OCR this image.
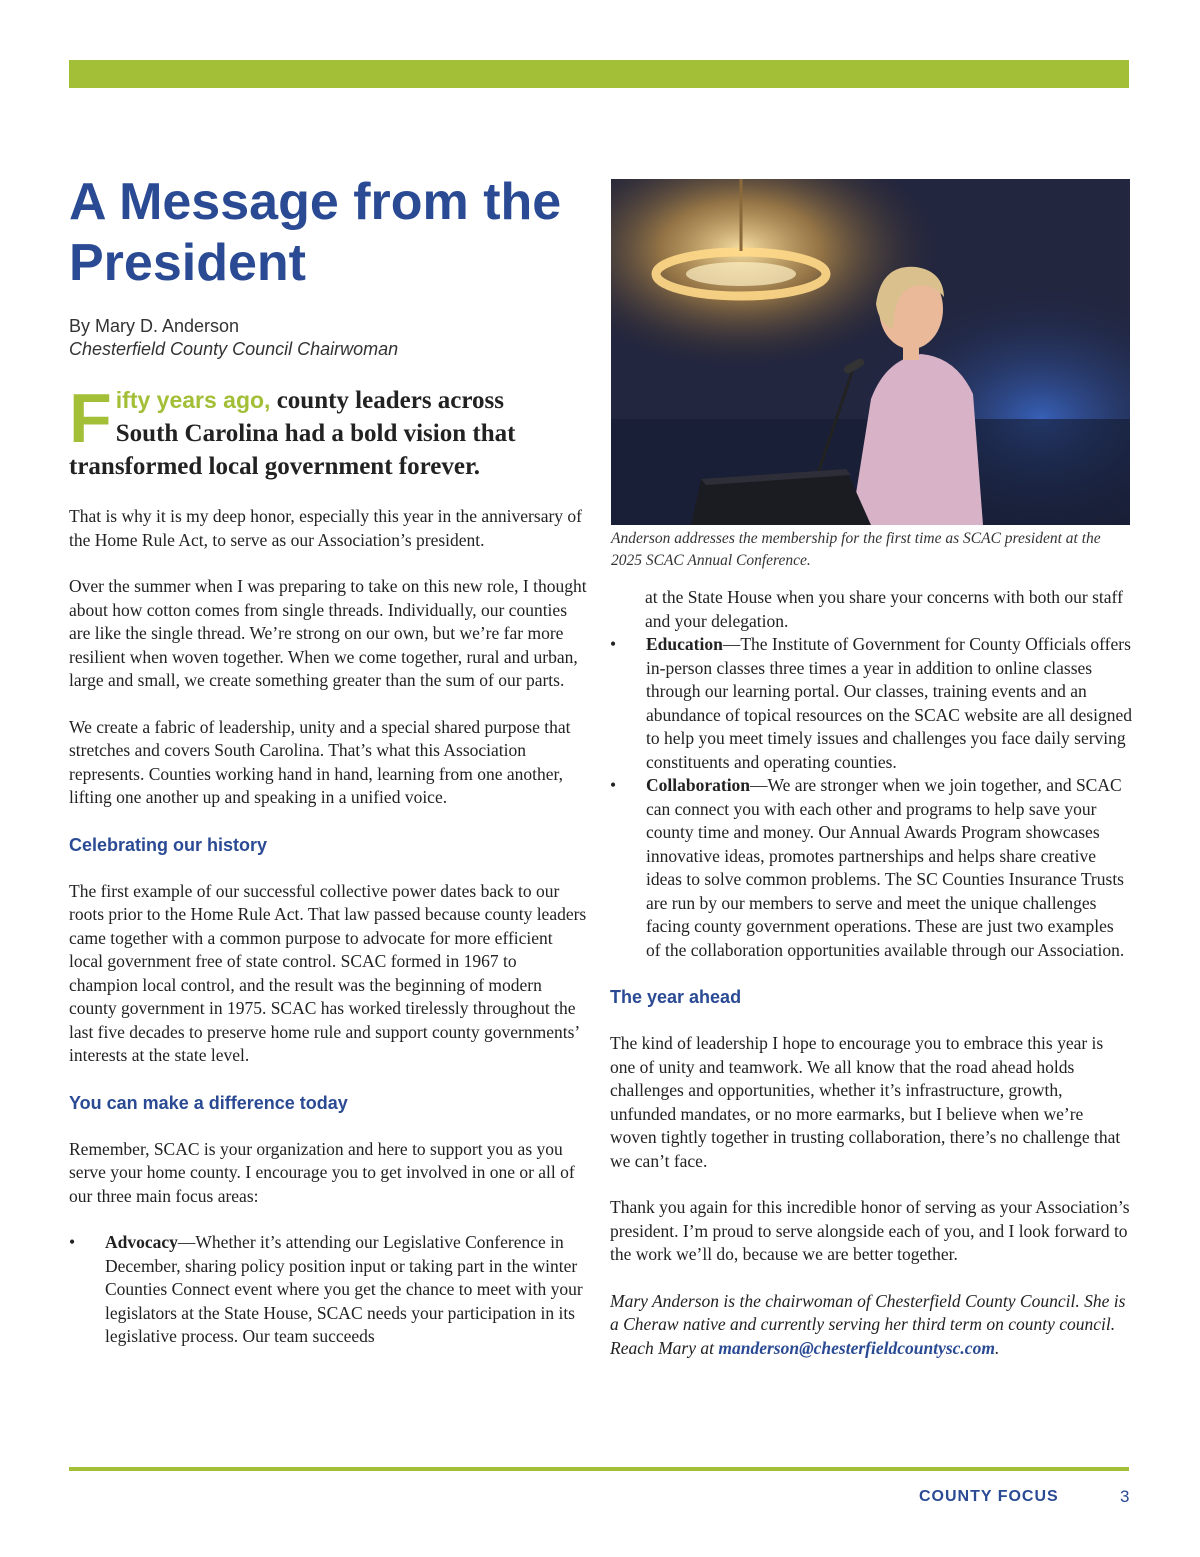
A Message from the President
By Mary D. Anderson
Chesterfield County Council Chairwoman
Fifty years ago, county leaders across South Carolina had a bold vision that transformed local government forever.

That is why it is my deep honor, especially this year in the anniversary of the Home Rule Act, to serve as our Association’s president.

Over the summer when I was preparing to take on this new role, I thought about how cotton comes from single threads. Individually, our counties are like the single thread. We’re strong on our own, but we’re far more resilient when woven together. When we come together, rural and urban, large and small, we create something greater than the sum of our parts.

We create a fabric of leadership, unity and a special shared purpose that stretches and covers South Carolina. That’s what this Association represents. Counties working hand in hand, learning from one another, lifting one another up and speaking in a unified voice.

Celebrating our history

The first example of our successful collective power dates back to our roots prior to the Home Rule Act. That law passed because county leaders came together with a common purpose to advocate for more efficient local government free of state control. SCAC formed in 1967 to champion local control, and the result was the beginning of modern county government in 1975. SCAC has worked tirelessly throughout the last five decades to preserve home rule and support county governments’ interests at the state level.

You can make a difference today

Remember, SCAC is your organization and here to support you as you serve your home county. I encourage you to get involved in one or all of our three main focus areas:

• Advocacy—Whether it’s attending our Legislative Conference in December, sharing policy position input or taking part in the winter Counties Connect event where you get the chance to meet with your legislators at the State House, SCAC needs your participation in its legislative process. Our team succeeds
Anderson addresses the membership for the first time as SCAC president at the 2025 SCAC Annual Conference.
at the State House when you share your concerns with both our staff and your delegation.
• Education—The Institute of Government for County Officials offers in-person classes three times a year in addition to online classes through our learning portal. Our classes, training events and an abundance of topical resources on the SCAC website are all designed to help you meet timely issues and challenges you face daily serving constituents and operating counties.
• Collaboration—We are stronger when we join together, and SCAC can connect you with each other and programs to help save your county time and money. Our Annual Awards Program showcases innovative ideas, promotes partnerships and helps share creative ideas to solve common problems. The SC Counties Insurance Trusts are run by our members to serve and meet the unique challenges facing county government operations. These are just two examples of the collaboration opportunities available through our Association.
The year ahead

The kind of leadership I hope to encourage you to embrace this year is one of unity and teamwork. We all know that the road ahead holds challenges and opportunities, whether it’s infrastructure, growth, unfunded mandates, or no more earmarks, but I believe when we’re woven tightly together in trusting collaboration, there’s no challenge that we can’t face.

Thank you again for this incredible honor of serving as your Association’s president. I’m proud to serve alongside each of you, and I look forward to the work we’ll do, because we are better together.

Mary Anderson is the chairwoman of Chesterfield County Council. She is a Cheraw native and currently serving her third term on county council. Reach Mary at manderson@chesterfieldcountysc.com.

COUNTY FOCUS	3
